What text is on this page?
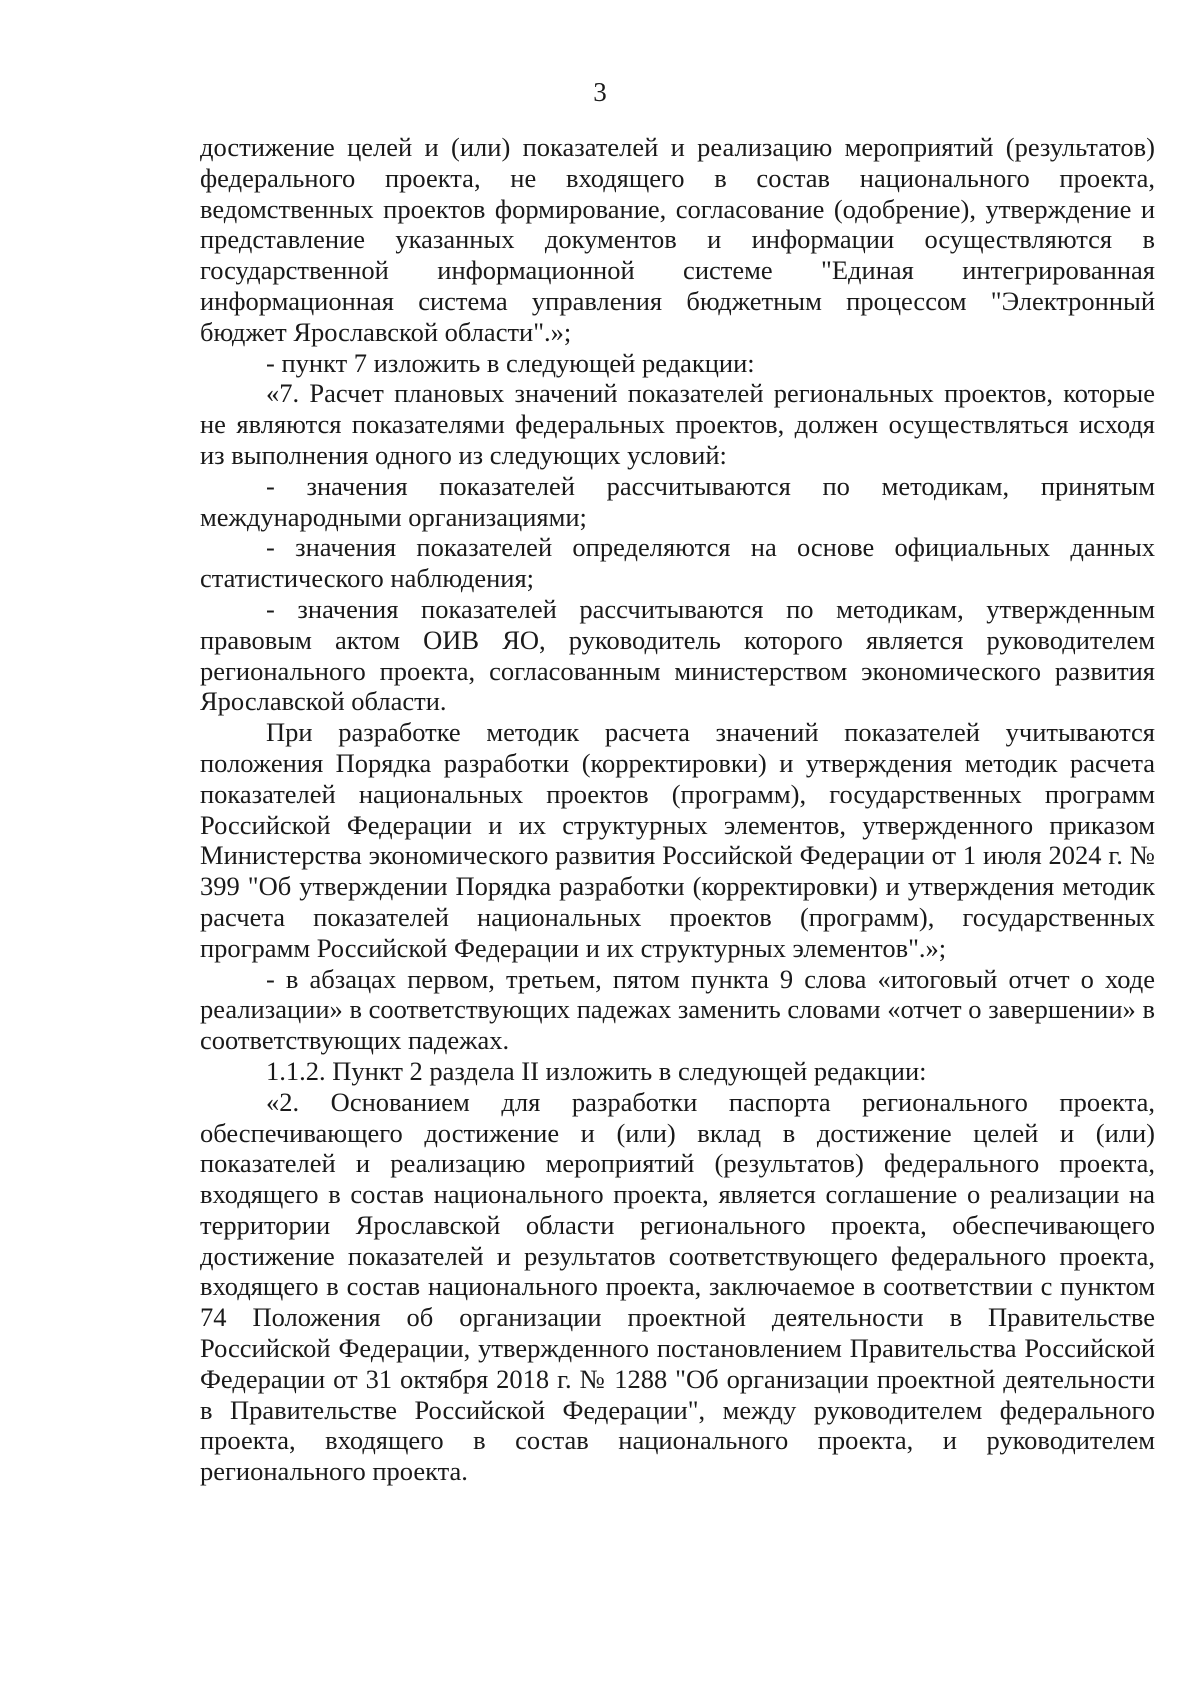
3

достижение целей и (или) показателей и реализацию мероприятий (результатов) федерального проекта, не входящего в состав национального проекта, ведомственных проектов формирование, согласование (одобрение), утверждение и представление указанных документов и информации осуществляются в государственной информационной системе "Единая интегрированная информационная система управления бюджетным процессом "Электронный бюджет Ярославской области".»;

- пункт 7 изложить в следующей редакции:

«7. Расчет плановых значений показателей региональных проектов, которые не являются показателями федеральных проектов, должен осуществляться исходя из выполнения одного из следующих условий:

- значения показателей рассчитываются по методикам, принятым международными организациями;

- значения показателей определяются на основе официальных данных статистического наблюдения;

- значения показателей рассчитываются по методикам, утвержденным правовым актом ОИВ ЯО, руководитель которого является руководителем регионального проекта, согласованным министерством экономического развития Ярославской области.

При разработке методик расчета значений показателей учитываются положения Порядка разработки (корректировки) и утверждения методик расчета показателей национальных проектов (программ), государственных программ Российской Федерации и их структурных элементов, утвержденного приказом Министерства экономического развития Российской Федерации от 1 июля 2024 г. № 399 "Об утверждении Порядка разработки (корректировки) и утверждения методик расчета показателей национальных проектов (программ), государственных программ Российской Федерации и их структурных элементов".»;

- в абзацах первом, третьем, пятом пункта 9 слова «итоговый отчет о ходе реализации» в соответствующих падежах заменить словами «отчет о завершении» в соответствующих падежах.

1.1.2. Пункт 2 раздела II изложить в следующей редакции:

«2. Основанием для разработки паспорта регионального проекта, обеспечивающего достижение и (или) вклад в достижение целей и (или) показателей и реализацию мероприятий (результатов) федерального проекта, входящего в состав национального проекта, является соглашение о реализации на территории Ярославской области регионального проекта, обеспечивающего достижение показателей и результатов соответствующего федерального проекта, входящего в состав национального проекта, заключаемое в соответствии с пунктом 74 Положения об организации проектной деятельности в Правительстве Российской Федерации, утвержденного постановлением Правительства Российской Федерации от 31 октября 2018 г. № 1288 "Об организации проектной деятельности в Правительстве Российской Федерации", между руководителем федерального проекта, входящего в состав национального проекта, и руководителем регионального проекта.
